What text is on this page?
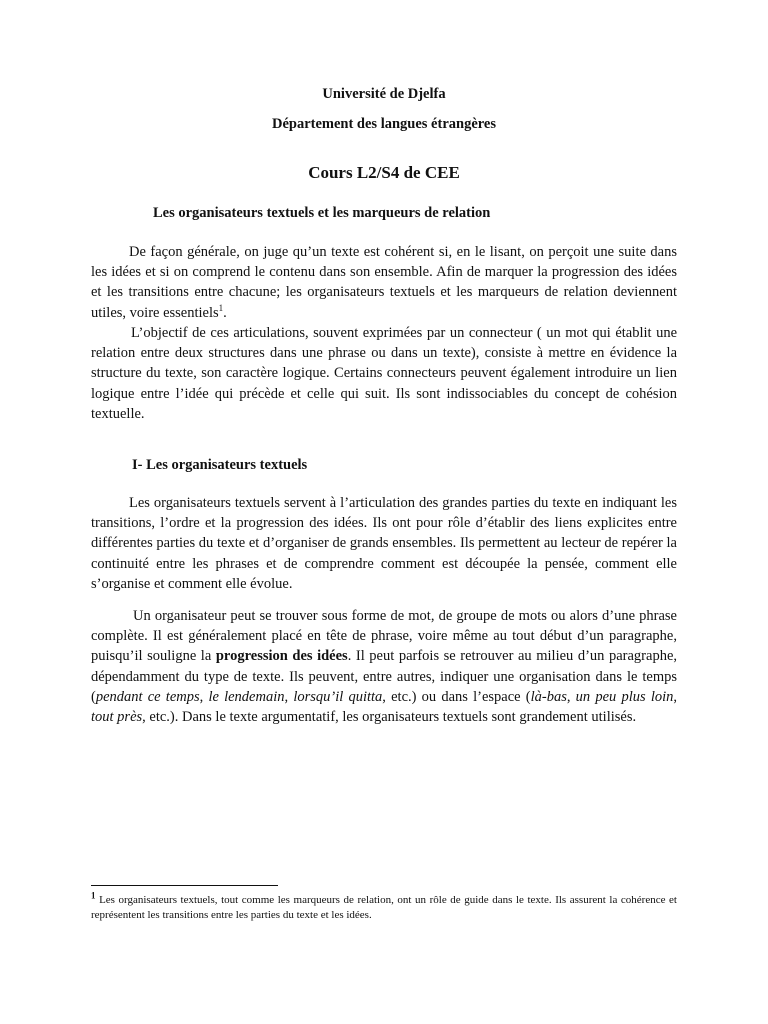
Université de Djelfa

Département des langues étrangères

Cours L2/S4 de CEE
Les organisateurs textuels et les marqueurs de relation

De façon générale, on juge qu’un texte est cohérent si, en le lisant, on perçoit une suite dans les idées et si on comprend le contenu dans son ensemble. Afin de marquer la progression des idées et les transitions entre chacune; les organisateurs textuels et les marqueurs de relation deviennent utiles, voire essentiels$^1$.

L’objectif de ces articulations, souvent exprimées par un connecteur ( un mot qui établit une relation entre deux structures dans une phrase ou dans un texte), consiste à mettre en évidence la structure du texte, son caractère logique. Certains connecteurs peuvent également introduire un lien logique entre l’idée qui précède et celle qui suit. Ils sont indissociables du concept de cohésion textuelle.

I- Les organisateurs textuels

Les organisateurs textuels servent à l’articulation des grandes parties du texte en indiquant les transitions, l’ordre et la progression des idées. Ils ont pour rôle d’établir des liens explicites entre différentes parties du texte et d’organiser de grands ensembles. Ils permettent au lecteur de repérer la continuité entre les phrases et de comprendre comment est découpée la pensée, comment elle s’organise et comment elle évolue.

Un organisateur peut se trouver sous forme de mot, de groupe de mots ou alors d’une phrase complète. Il est généralement placé en tête de phrase, voire même au tout début d’un paragraphe, puisqu’il souligne la progression des idées. Il peut parfois se retrouver au milieu d’un paragraphe, dépendamment du type de texte. Ils peuvent, entre autres, indiquer une organisation dans le temps (pendant ce temps, le lendemain, lorsqu’il quitta, etc.) ou dans l’espace (là-bas, un peu plus loin, tout près, etc.). Dans le texte argumentatif, les organisateurs textuels sont grandement utilisés.

$^1$ Les organisateurs textuels, tout comme les marqueurs de relation, ont un rôle de guide dans le texte. Ils assurent la cohérence et représentent les transitions entre les parties du texte et les idées.
